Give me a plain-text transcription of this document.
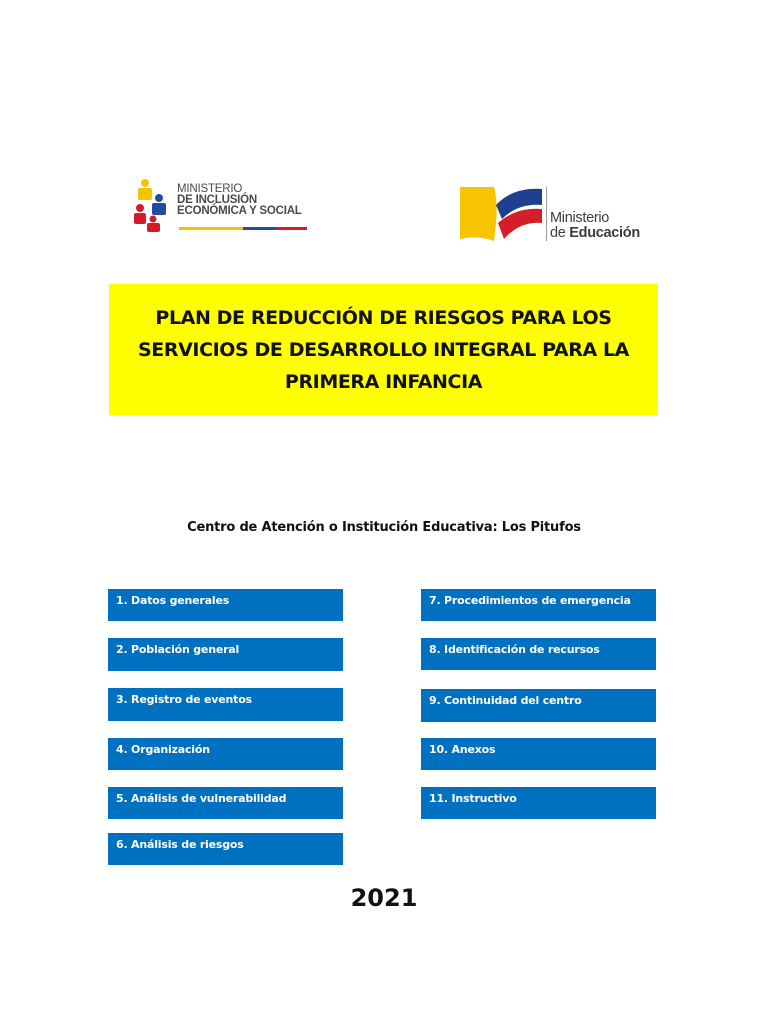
MINISTERIO
DE INCLUSIÓN
ECONÓMICA Y SOCIAL	Ministerio
de Educación
PLAN DE REDUCCIÓN DE RIESGOS PARA LOS
SERVICIOS DE DESARROLLO INTEGRAL PARA LA
PRIMERA INFANCIA
Centro de Atención o Institución Educativa: Los Pitufos
1. Datos generales
2. Población general
3. Registro de eventos
4. Organización
5. Análisis de vulnerabilidad
6. Análisis de riesgos
7. Procedimientos de emergencia
8. Identificación de recursos
9. Continuidad del centro
10. Anexos
11. Instructivo
2021
